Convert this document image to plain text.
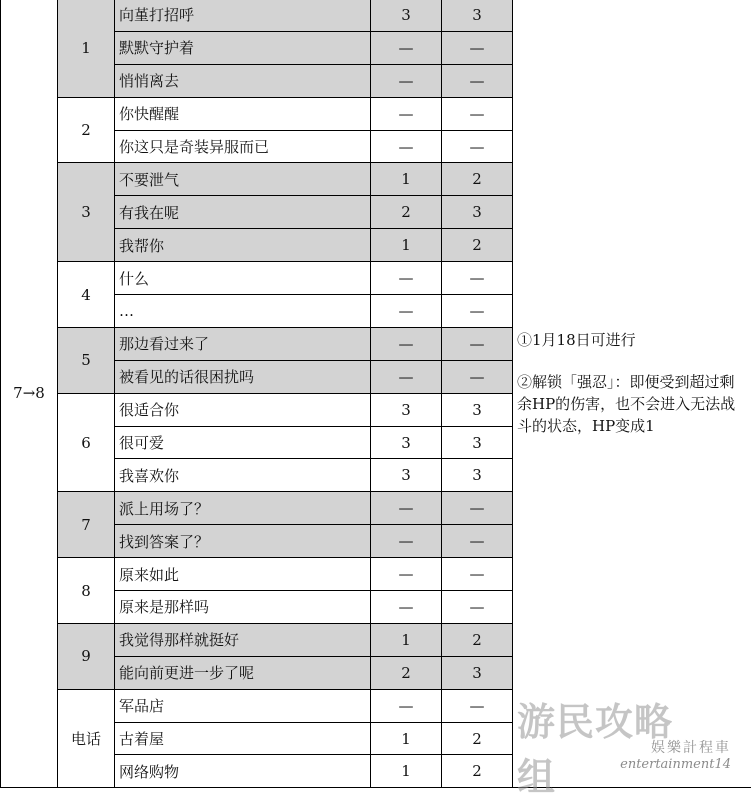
7→8	1	向堇打招呼	3	3	①1月18日可进行

②解锁「强忍」：即便受到超过剩余HP的伤害，也不会进入无法战斗的状态，HP变成1

		默默守护着	—	—	
		悄悄离去	—	—	
	2	你快醒醒	—	—	
		你这只是奇装异服而已	—	—	
	3	不要泄气	1	2	
		有我在呢	2	3	
		我帮你	1	2	
	4	什么	—	—	
		…	—	—	
	5	那边看过来了	—	—	
		被看见的话很困扰吗	—	—	
	6	很适合你	3	3	
		很可爱	3	3	
		我喜欢你	3	3	
	7	派上用场了？	—	—	
		找到答案了？	—	—	
	8	原来如此	—	—	
		原来是那样吗	—	—	
	9	我觉得那样就挺好	1	2	
		能向前更进一步了呢	2	3	
	电话	军品店	—	—	
		古着屋	1	2	
		网络购物	1	2	
游民攻略组
娱樂計程車
entertainment14
